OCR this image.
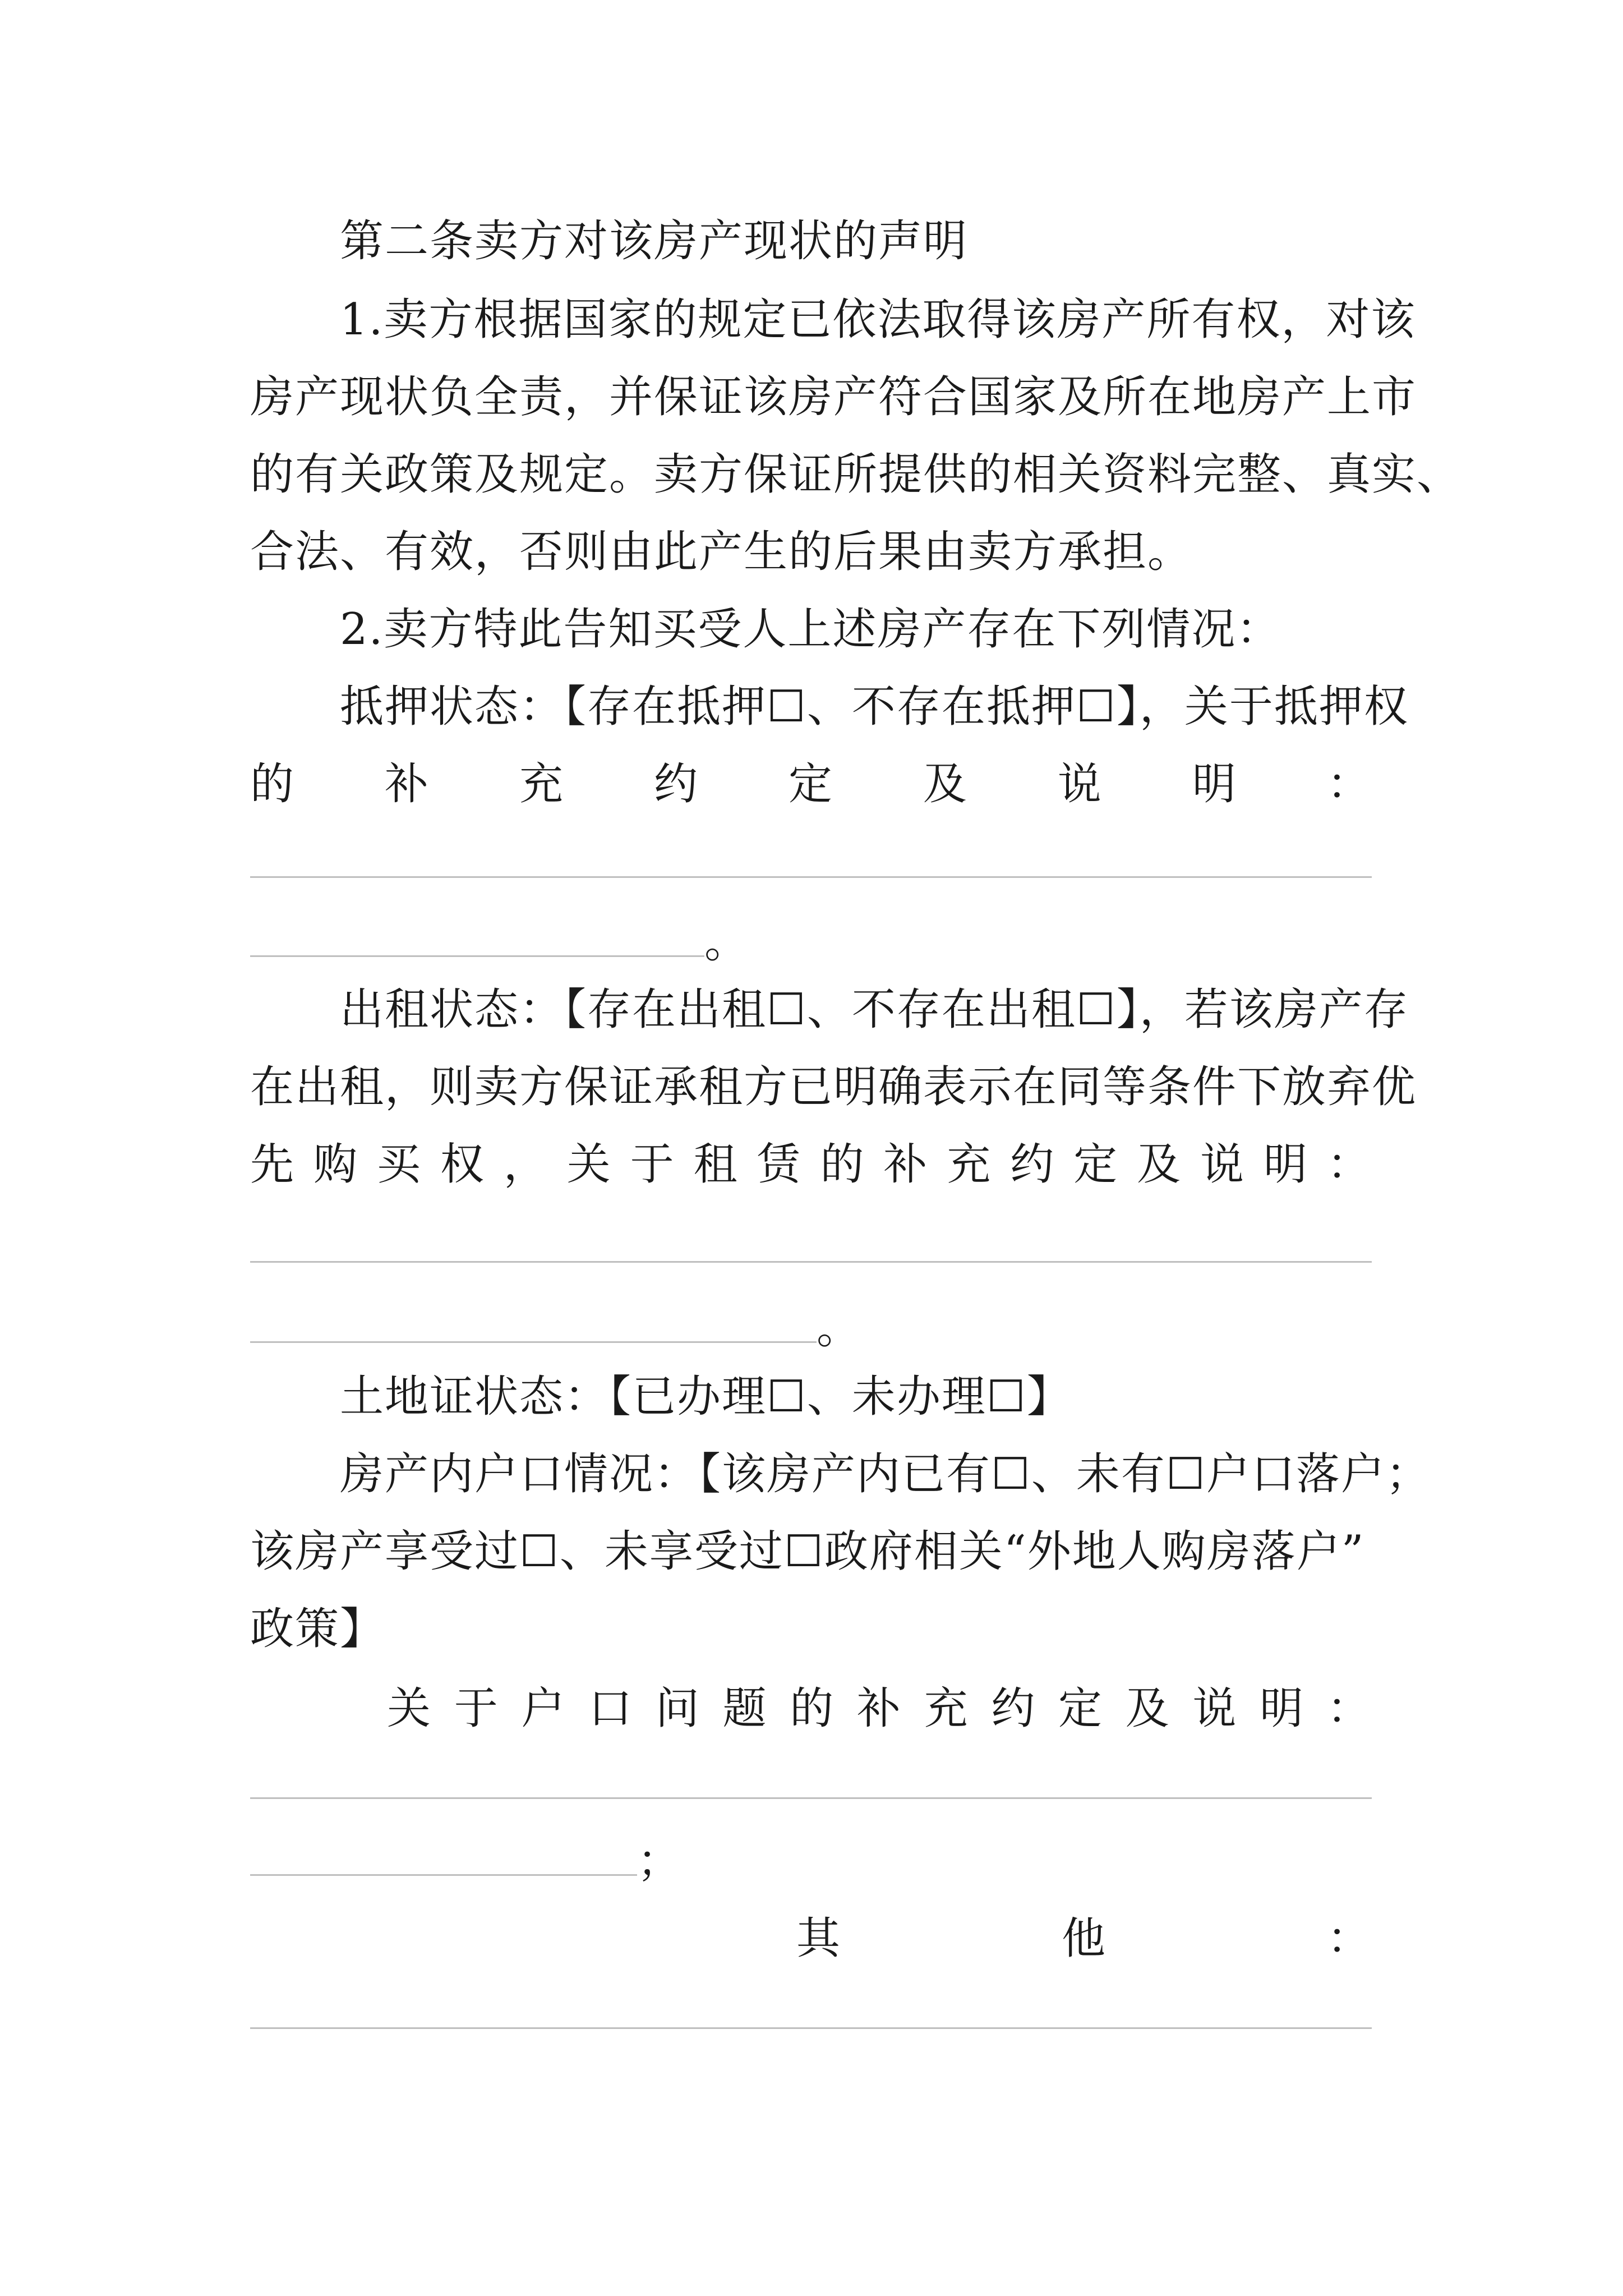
第二条卖方对该房产现状的声明
1.卖方根据国家的规定已依法取得该房产所有权，对该
房产现状负全责，并保证该房产符合国家及所在地房产上市
的有关政策及规定。卖方保证所提供的相关资料完整、真实、
合法、有效，否则由此产生的后果由卖方承担。
2.卖方特此告知买受人上述房产存在下列情况：
抵押状态：【存在抵押☐、不存在抵押☐】，关于抵押权
的 补 充 约 定 及 说 明 ：
。
出租状态：【存在出租☐、不存在出租☐】，若该房产存
在出租，则卖方保证承租方已明确表示在同等条件下放弃优
先 购 买 权 ， 关 于 租 赁 的 补 充 约 定 及 说 明 ：
。
土地证状态：【已办理☐、未办理☐】
房产内户口情况：【该房产内已有☐、未有☐户口落户；
该房产享受过☐、未享受过☐政府相关“外地人购房落户”
政策】
关 于 户 口 问 题 的 补 充 约 定 及 说 明 ：
；
其	他	：
